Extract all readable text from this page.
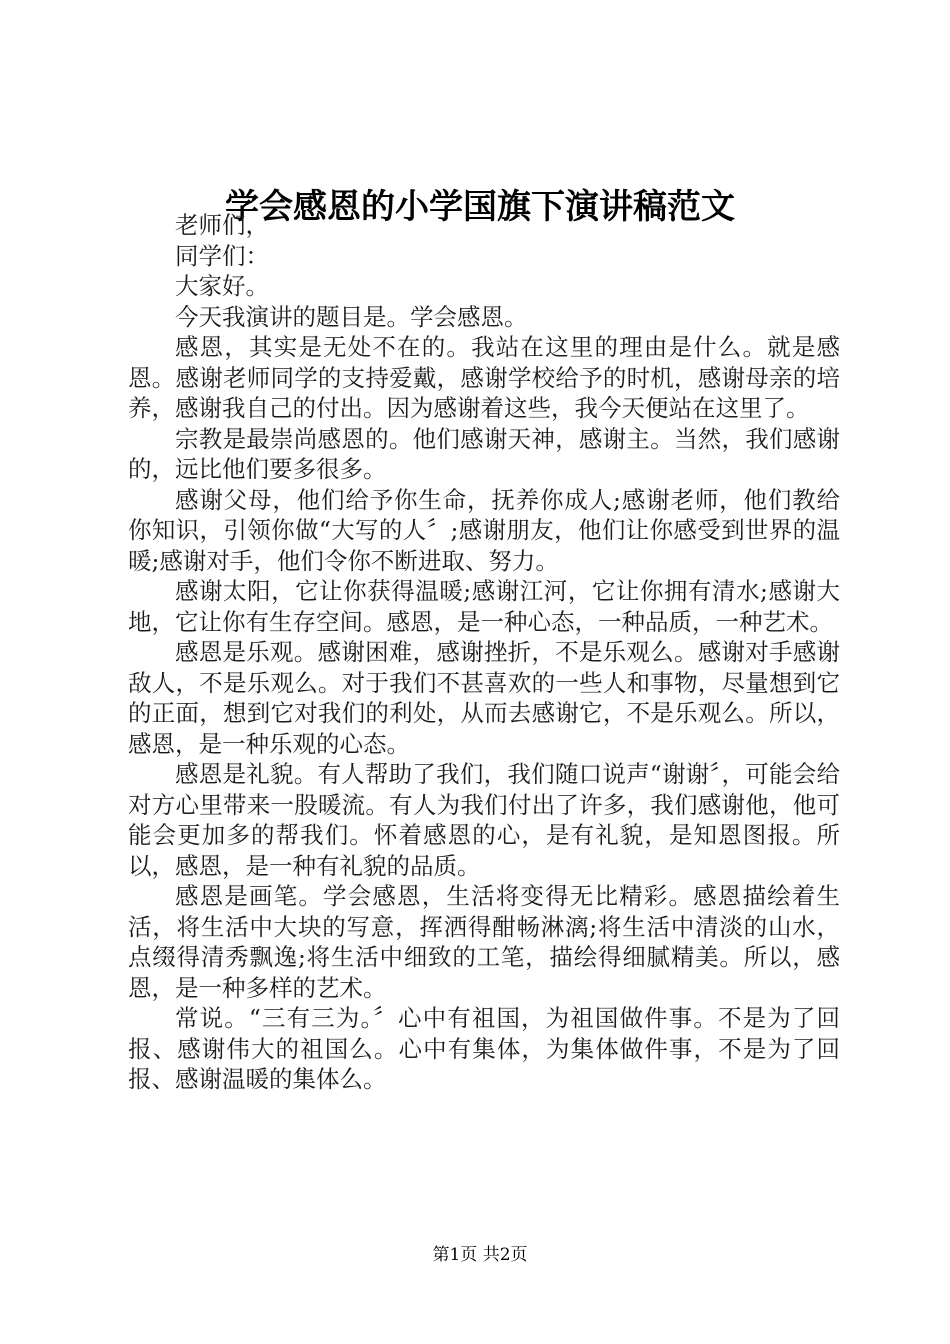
学会感恩的小学国旗下演讲稿范文

老师们，

同学们：

大家好。

今天我演讲的题目是。学会感恩。

感恩，其实是无处不在的。我站在这里的理由是什么。就是感恩。感谢老师同学的支持爱戴，感谢学校给予的时机，感谢母亲的培养，感谢我自己的付出。因为感谢着这些，我今天便站在这里了。

宗教是最崇尚感恩的。他们感谢天神，感谢主。当然，我们感谢的，远比他们要多很多。

感谢父母，他们给予你生命，抚养你成人;感谢老师，他们教给你知识，引领你做“大写的人〞;感谢朋友，他们让你感受到世界的温暖;感谢对手，他们令你不断进取、努力。

感谢太阳，它让你获得温暖;感谢江河，它让你拥有清水;感谢大地，它让你有生存空间。感恩，是一种心态，一种品质，一种艺术。

感恩是乐观。感谢困难，感谢挫折，不是乐观么。感谢对手感谢敌人，不是乐观么。对于我们不甚喜欢的一些人和事物，尽量想到它的正面，想到它对我们的利处，从而去感谢它，不是乐观么。所以，感恩，是一种乐观的心态。

感恩是礼貌。有人帮助了我们，我们随口说声“谢谢〞，可能会给对方心里带来一股暖流。有人为我们付出了许多，我们感谢他，他可能会更加多的帮我们。怀着感恩的心，是有礼貌，是知恩图报。所以，感恩，是一种有礼貌的品质。

感恩是画笔。学会感恩，生活将变得无比精彩。感恩描绘着生活，将生活中大块的写意，挥洒得酣畅淋漓;将生活中清淡的山水，点缀得清秀飘逸;将生活中细致的工笔，描绘得细腻精美。所以，感恩，是一种多样的艺术。

常说。“三有三为。〞心中有祖国，为祖国做件事。不是为了回报、感谢伟大的祖国么。心中有集体，为集体做件事，不是为了回报、感谢温暖的集体么。

第1页 共2页
